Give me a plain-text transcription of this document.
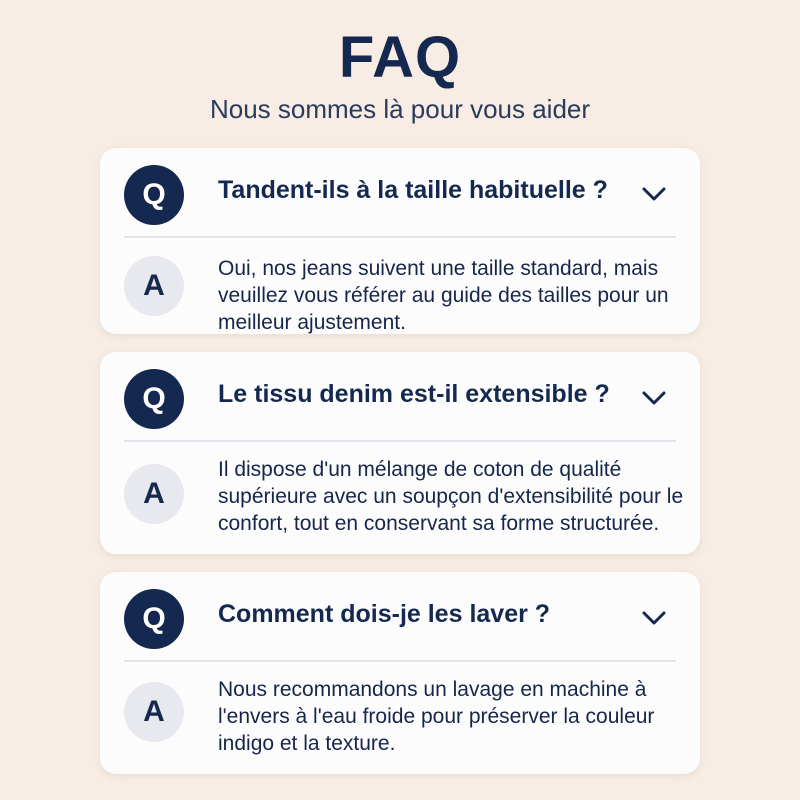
FAQ
Nous sommes là pour vous aider
Q	Tandent-ils à la taille habituelle ?
A
Oui, nos jeans suivent une taille standard, mais veuillez vous référer au guide des tailles pour un meilleur ajustement.
Q	Le tissu denim est-il extensible ?
A
Il dispose d'un mélange de coton de qualité supérieure avec un soupçon d'extensibilité pour le confort, tout en conservant sa forme structurée.
Q	Comment dois-je les laver ?
A
Nous recommandons un lavage en machine à l'envers à l'eau froide pour préserver la couleur indigo et la texture.
